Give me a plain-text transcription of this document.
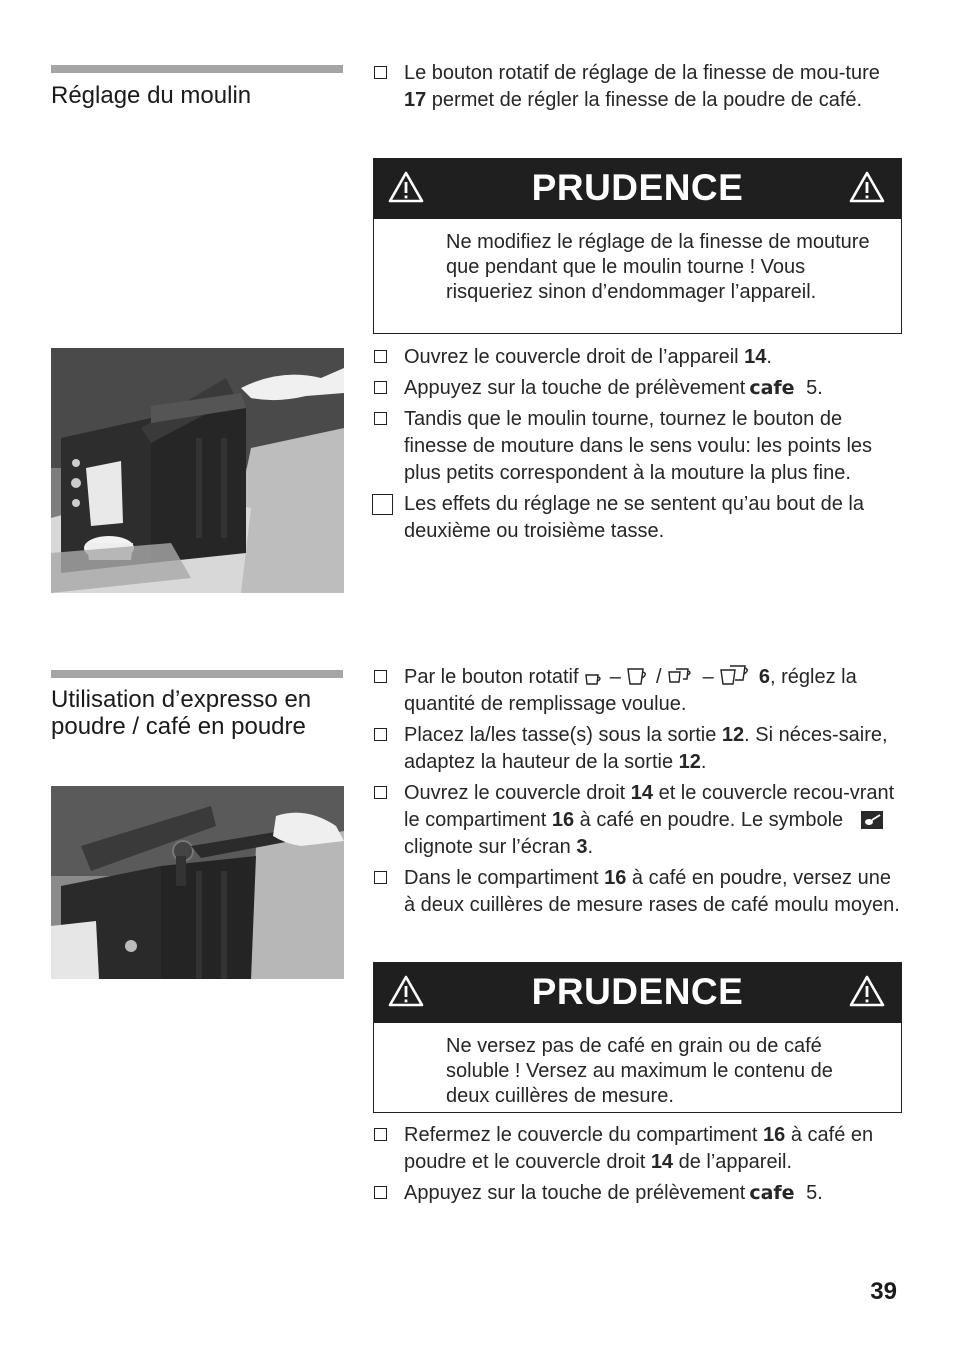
Réglage du moulin
Le bouton rotatif de réglage de la finesse de mou-ture 17 permet de régler la finesse de la poudre de café.
PRUDENCE
Ne modifiez le réglage de la finesse de mouture que pendant que le moulin tourne ! Vous risqueriez sinon d’endommager l’appareil.
Ouvrez le couvercle droit de l’appareil 14.
Appuyez sur la touche de prélèvement cafe 5.
Tandis que le moulin tourne, tournez le bouton de finesse de mouture dans le sens voulu: les points les plus petits correspondent à la mouture la plus fine.
Les effets du réglage ne se sentent qu’au bout de la deuxième ou troisième tasse.
Utilisation d’expresso en poudre / café en poudre
Par le bouton rotatif – / – 6, réglez la quantité de remplissage voulue.
Placez la/les tasse(s) sous la sortie 12. Si néces-saire, adaptez la hauteur de la sortie 12.
Ouvrez le couvercle droit 14 et le couvercle recou-vrant le compartiment 16 à café en poudre. Le symbole  clignote sur l’écran 3.
Dans le compartiment 16 à café en poudre, versez une à deux cuillères de mesure rases de café moulu moyen.
PRUDENCE
Ne versez pas de café en grain ou de café soluble ! Versez au maximum le contenu de deux cuillères de mesure.
Refermez le couvercle du compartiment 16 à café en poudre et le couvercle droit 14 de l’appareil.
Appuyez sur la touche de prélèvement cafe 5.
39
